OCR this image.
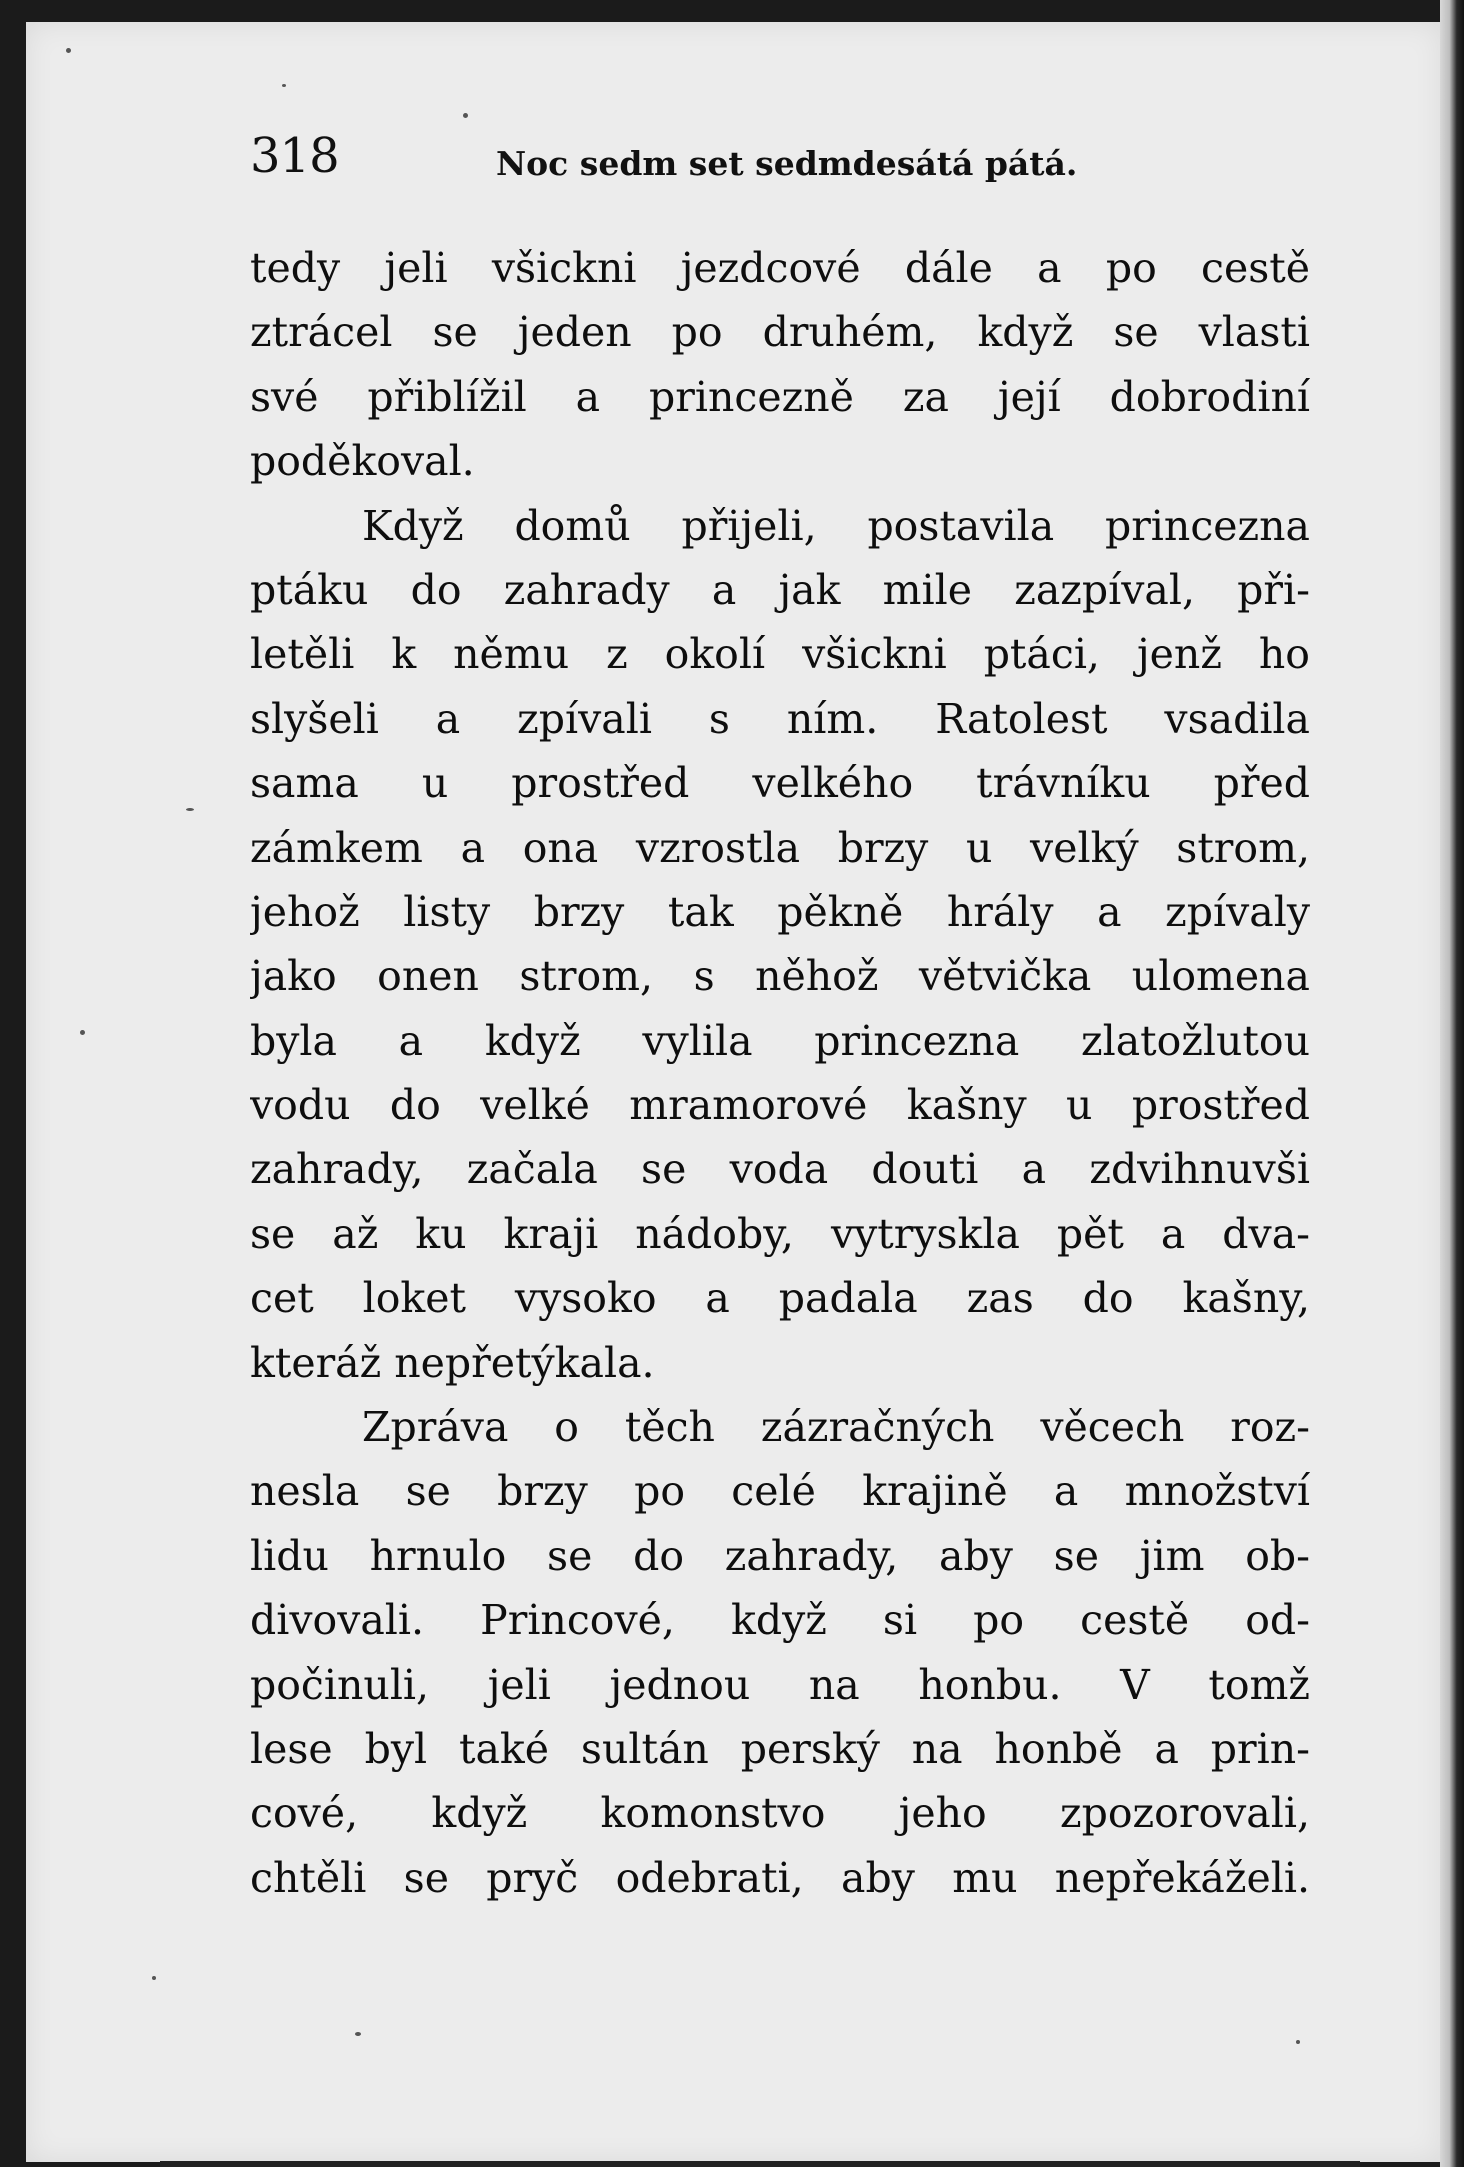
318	Noc sedm set sedmdesátá pátá.
tedy jeli všickni jezdcové dále a po cestě
ztrácel se jeden po druhém, když se vlasti
své přiblížil a princezně za její dobrodiní
poděkoval.
Když domů přijeli, postavila princezna
ptáku do zahrady a jak mile zazpíval, při-
letěli k němu z okolí všickni ptáci, jenž ho
slyšeli a zpívali s ním. Ratolest vsadila
sama u prostřed velkého trávníku před
zámkem a ona vzrostla brzy u velký strom,
jehož listy brzy tak pěkně hrály a zpívaly
jako onen strom, s něhož větvička ulomena
byla a když vylila princezna zlatožlutou
vodu do velké mramorové kašny u prostřed
zahrady, začala se voda douti a zdvihnuvši
se až ku kraji nádoby, vytryskla pět a dva-
cet loket vysoko a padala zas do kašny,
kteráž nepřetýkala.
Zpráva o těch zázračných věcech roz-
nesla se brzy po celé krajině a množství
lidu hrnulo se do zahrady, aby se jim ob-
divovali. Princové, když si po cestě od-
počinuli, jeli jednou na honbu. V tomž
lese byl také sultán perský na honbě a prin-
cové, když komonstvo jeho zpozorovali,
chtěli se pryč odebrati, aby mu nepřekáželi.
